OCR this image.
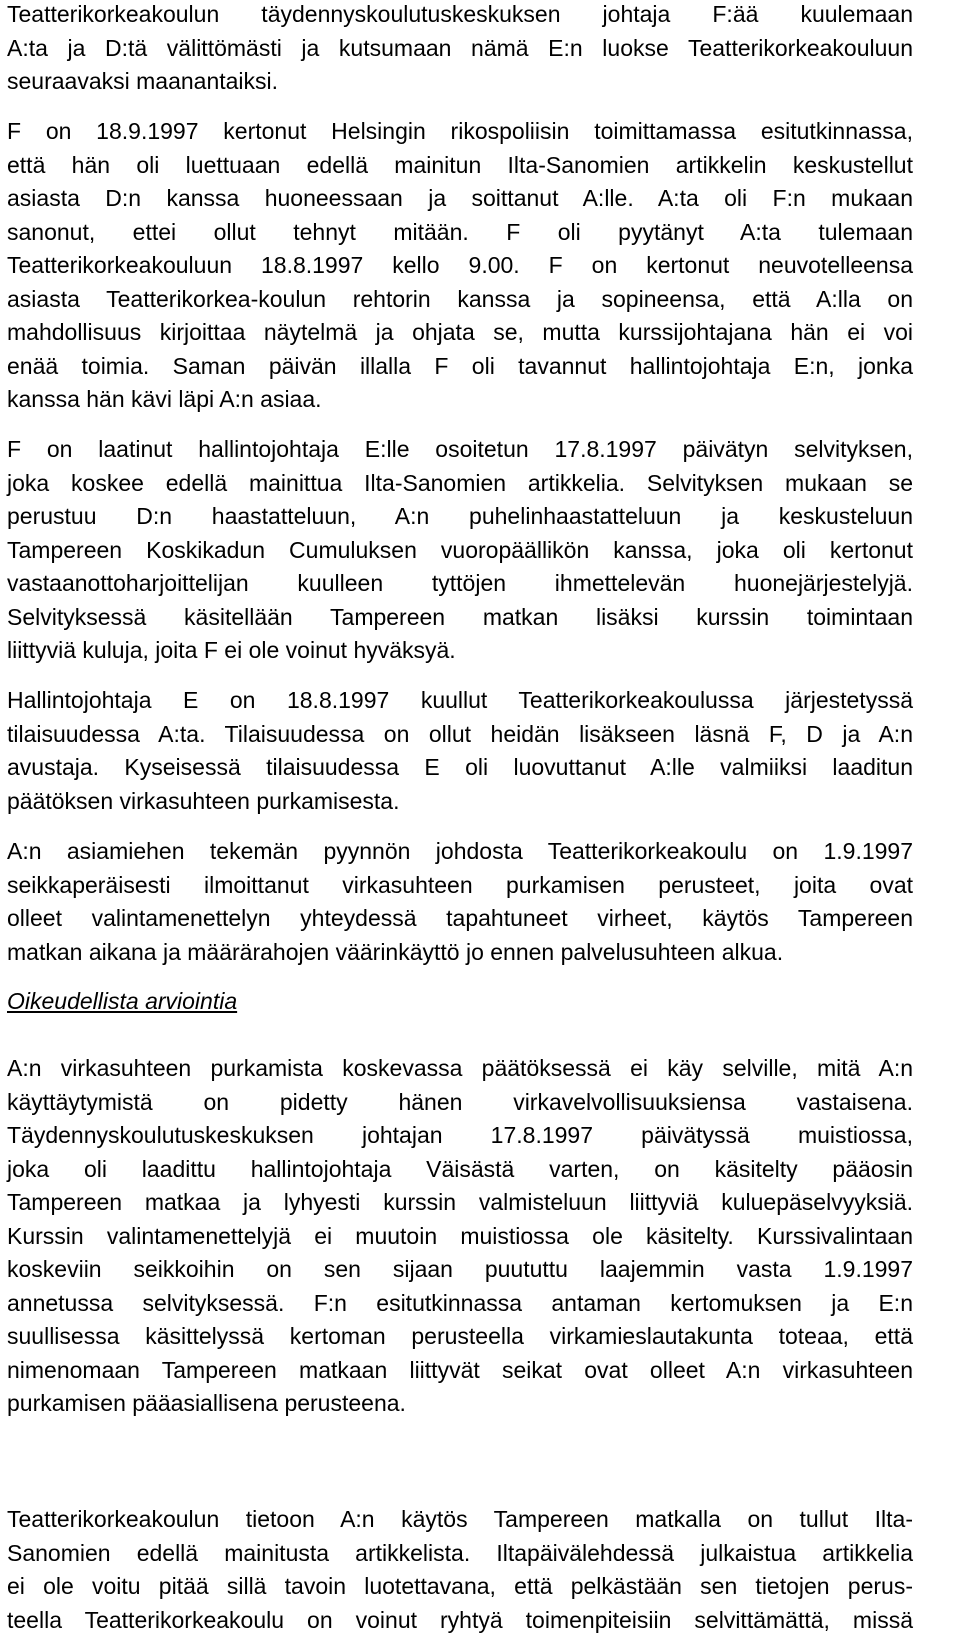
Teatterikorkeakoulun täydennyskoulutuskeskuksen johtaja F:ää kuulemaan
A:ta ja D:tä välittömästi ja kutsumaan nämä E:n luokse Teatterikorkeakouluun
seuraavaksi maanantaiksi.
F on 18.9.1997 kertonut Helsingin rikospoliisin toimittamassa esitutkinnassa,
että hän oli luettuaan edellä mainitun Ilta-Sanomien artikkelin keskustellut
asiasta D:n kanssa huoneessaan ja soittanut A:lle. A:ta oli F:n mukaan
sanonut, ettei ollut tehnyt mitään. F oli pyytänyt A:ta tulemaan
Teatterikorkeakouluun 18.8.1997 kello 9.00. F on kertonut neuvotelleensa
asiasta Teatterikorkea-koulun rehtorin kanssa ja sopineensa, että A:lla on
mahdollisuus kirjoittaa näytelmä ja ohjata se, mutta kurssijohtajana hän ei voi
enää toimia. Saman päivän illalla F oli tavannut hallintojohtaja E:n, jonka
kanssa hän kävi läpi A:n asiaa.
F on laatinut hallintojohtaja E:lle osoitetun 17.8.1997 päivätyn selvityksen,
joka koskee edellä mainittua Ilta-Sanomien artikkelia. Selvityksen mukaan se
perustuu D:n haastatteluun, A:n puhelinhaastatteluun ja keskusteluun
Tampereen Koskikadun Cumuluksen vuoropäällikön kanssa, joka oli kertonut
vastaanottoharjoittelijan kuulleen tyttöjen ihmettelevän huonejärjestelyjä.
Selvityksessä käsitellään Tampereen matkan lisäksi kurssin toimintaan
liittyviä kuluja, joita F ei ole voinut hyväksyä.
Hallintojohtaja E on 18.8.1997 kuullut Teatterikorkeakoulussa järjestetyssä
tilaisuudessa A:ta. Tilaisuudessa on ollut heidän lisäkseen läsnä F, D ja A:n
avustaja. Kyseisessä tilaisuudessa E oli luovuttanut A:lle valmiiksi laaditun
päätöksen virkasuhteen purkamisesta.
A:n asiamiehen tekemän pyynnön johdosta Teatterikorkeakoulu on 1.9.1997
seikkaperäisesti ilmoittanut virkasuhteen purkamisen perusteet, joita ovat
olleet valintamenettelyn yhteydessä tapahtuneet virheet, käytös Tampereen
matkan aikana ja määrärahojen väärinkäyttö jo ennen palvelusuhteen alkua.
Oikeudellista arviointia
A:n virkasuhteen purkamista koskevassa päätöksessä ei käy selville, mitä A:n
käyttäytymistä on pidetty hänen virkavelvollisuuksiensa vastaisena.
Täydennyskoulutuskeskuksen johtajan 17.8.1997 päivätyssä muistiossa,
joka oli laadittu hallintojohtaja Väisästä varten, on käsitelty pääosin
Tampereen matkaa ja lyhyesti kurssin valmisteluun liittyviä kuluepäselvyyksiä.
Kurssin valintamenettelyjä ei muutoin muistiossa ole käsitelty. Kurssivalintaan
koskeviin seikkoihin on sen sijaan puututtu laajemmin vasta 1.9.1997
annetussa selvityksessä. F:n esitutkinnassa antaman kertomuksen ja E:n
suullisessa käsittelyssä kertoman perusteella virkamieslautakunta toteaa, että
nimenomaan Tampereen matkaan liittyvät seikat ovat olleet A:n virkasuhteen
purkamisen pääasiallisena perusteena.
Teatterikorkeakoulun tietoon A:n käytös Tampereen matkalla on tullut Ilta-
Sanomien edellä mainitusta artikkelista. Iltapäivälehdessä julkaistua artikkelia
ei ole voitu pitää sillä tavoin luotettavana, että pelkästään sen tietojen perus-
teella Teatterikorkeakoulu on voinut ryhtyä toimenpiteisiin selvittämättä, missä
